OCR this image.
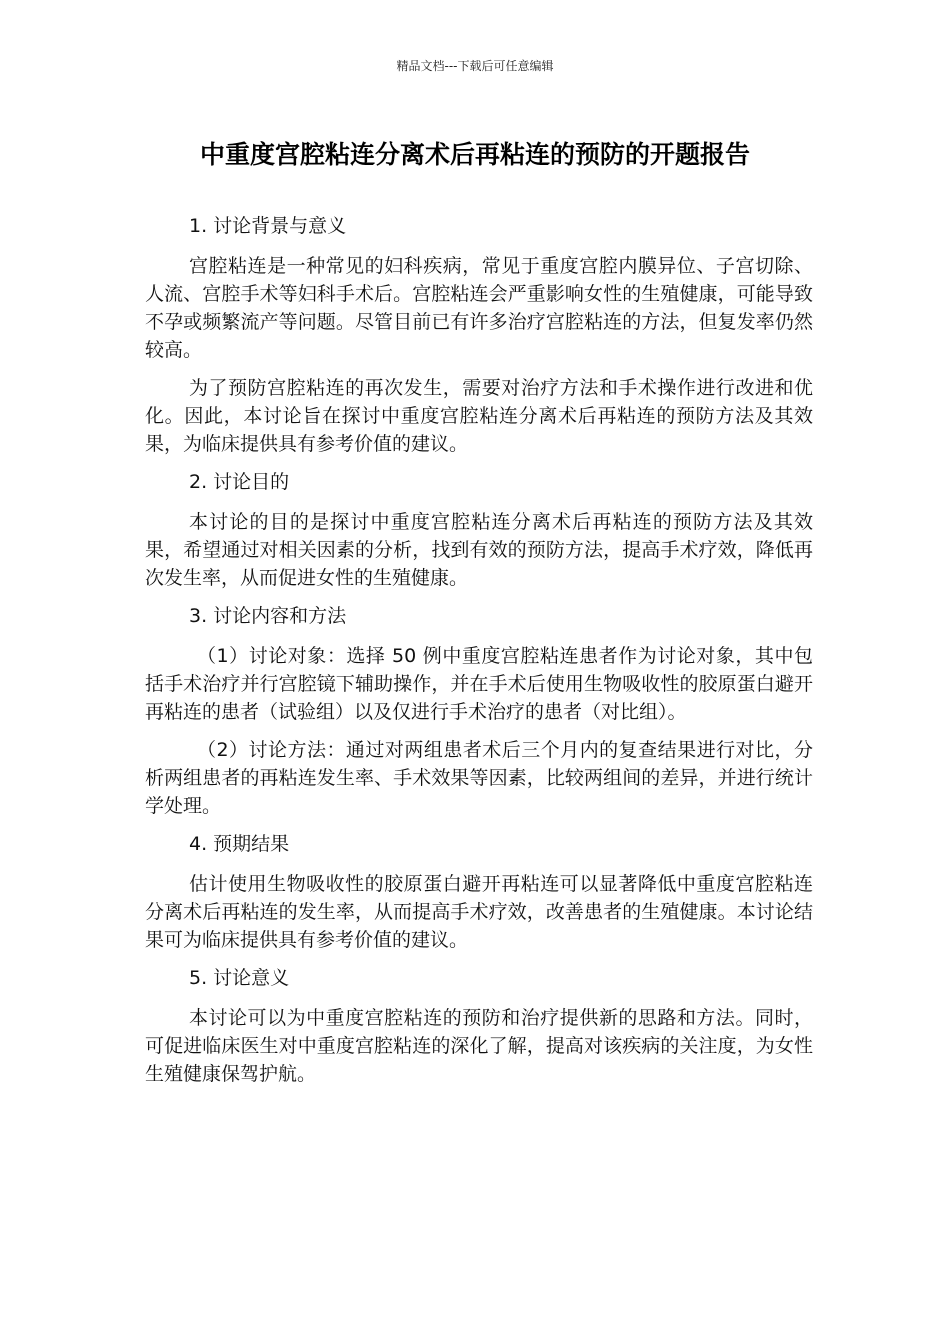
精品文档---下载后可任意编辑
中重度宫腔粘连分离术后再粘连的预防的开题报告
1. 讨论背景与意义

宫腔粘连是一种常见的妇科疾病，常见于重度宫腔内膜异位、子宫切除、人流、宫腔手术等妇科手术后。宫腔粘连会严重影响女性的生殖健康，可能导致不孕或频繁流产等问题。尽管目前已有许多治疗宫腔粘连的方法，但复发率仍然较高。

为了预防宫腔粘连的再次发生，需要对治疗方法和手术操作进行改进和优化。因此，本讨论旨在探讨中重度宫腔粘连分离术后再粘连的预防方法及其效果，为临床提供具有参考价值的建议。

2. 讨论目的

本讨论的目的是探讨中重度宫腔粘连分离术后再粘连的预防方法及其效果，希望通过对相关因素的分析，找到有效的预防方法，提高手术疗效，降低再次发生率，从而促进女性的生殖健康。

3. 讨论内容和方法

（1）讨论对象：选择 50 例中重度宫腔粘连患者作为讨论对象，其中包括手术治疗并行宫腔镜下辅助操作，并在手术后使用生物吸收性的胶原蛋白避开再粘连的患者（试验组）以及仅进行手术治疗的患者（对比组）。

（2）讨论方法：通过对两组患者术后三个月内的复查结果进行对比，分析两组患者的再粘连发生率、手术效果等因素，比较两组间的差异，并进行统计学处理。

4. 预期结果

估计使用生物吸收性的胶原蛋白避开再粘连可以显著降低中重度宫腔粘连分离术后再粘连的发生率，从而提高手术疗效，改善患者的生殖健康。本讨论结果可为临床提供具有参考价值的建议。

5. 讨论意义

本讨论可以为中重度宫腔粘连的预防和治疗提供新的思路和方法。同时，可促进临床医生对中重度宫腔粘连的深化了解，提高对该疾病的关注度，为女性生殖健康保驾护航。
